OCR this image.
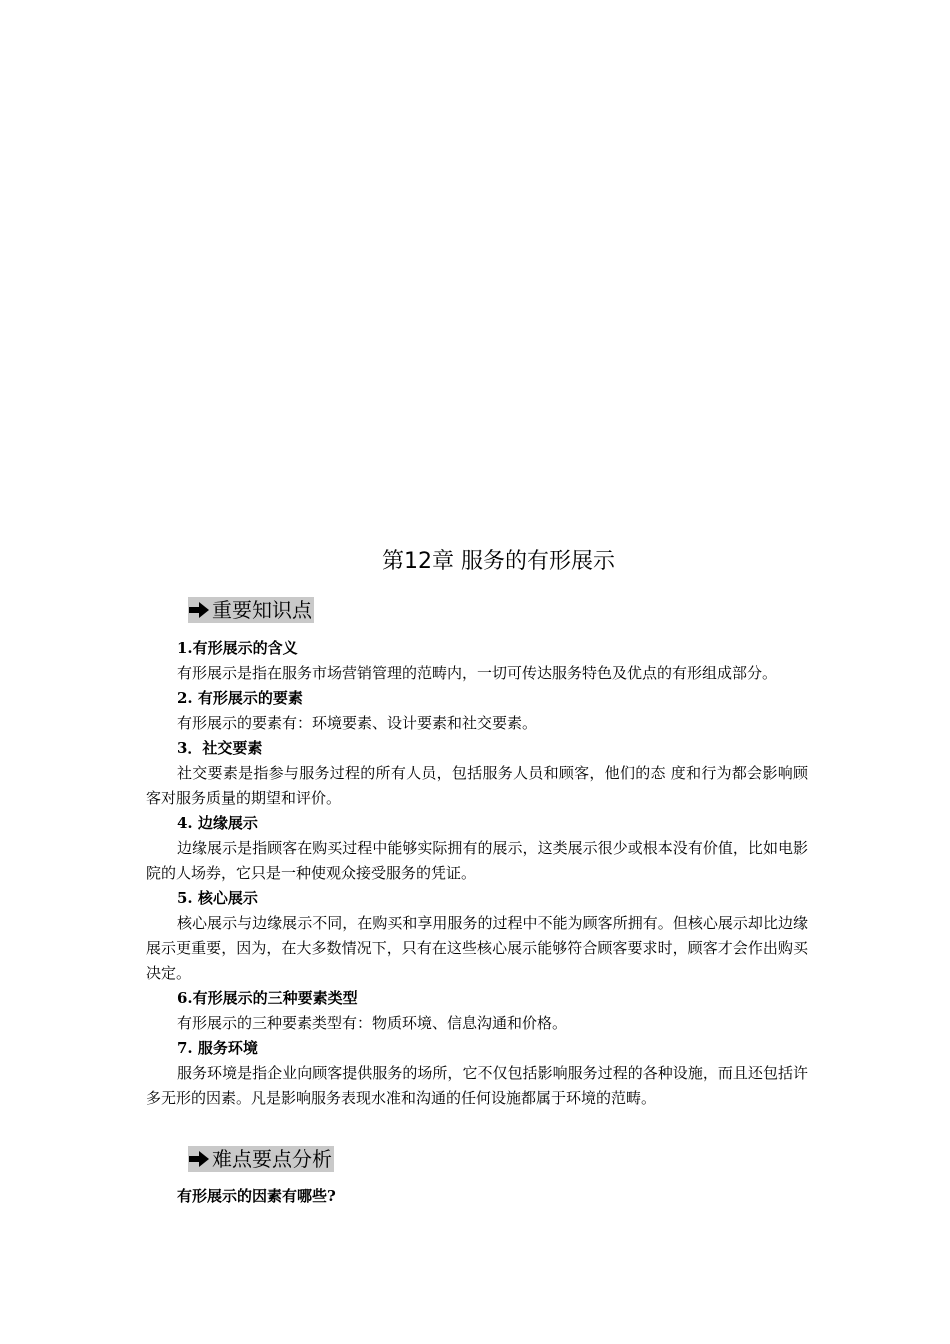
第12章 服务的有形展示
重要知识点

1.有形展示的含义

有形展示是指在服务市场营销管理的范畴内，一切可传达服务特色及优点的有形组成部分。

2. 有形展示的要素

有形展示的要素有：环境要素、设计要素和社交要素。

3．社交要素

社交要素是指参与服务过程的所有人员，包括服务人员和顾客，他们的态 度和行为都会影响顾客对服务质量的期望和评价。

4. 边缘展示

边缘展示是指顾客在购买过程中能够实际拥有的展示，这类展示很少或根本没有价值，比如电影院的人场券，它只是一种使观众接受服务的凭证。

5. 核心展示

核心展示与边缘展示不同，在购买和享用服务的过程中不能为顾客所拥有。但核心展示却比边缘展示更重要，因为，在大多数情况下，只有在这些核心展示能够符合顾客要求时，顾客才会作出购买决定。

6.有形展示的三种要素类型

有形展示的三种要素类型有：物质环境、信息沟通和价格。

7. 服务环境

服务环境是指企业向顾客提供服务的场所，它不仅包括影响服务过程的各种设施，而且还包括许多无形的因素。凡是影响服务表现水准和沟通的任何设施都属于环境的范畴。

难点要点分析
有形展示的因素有哪些?
